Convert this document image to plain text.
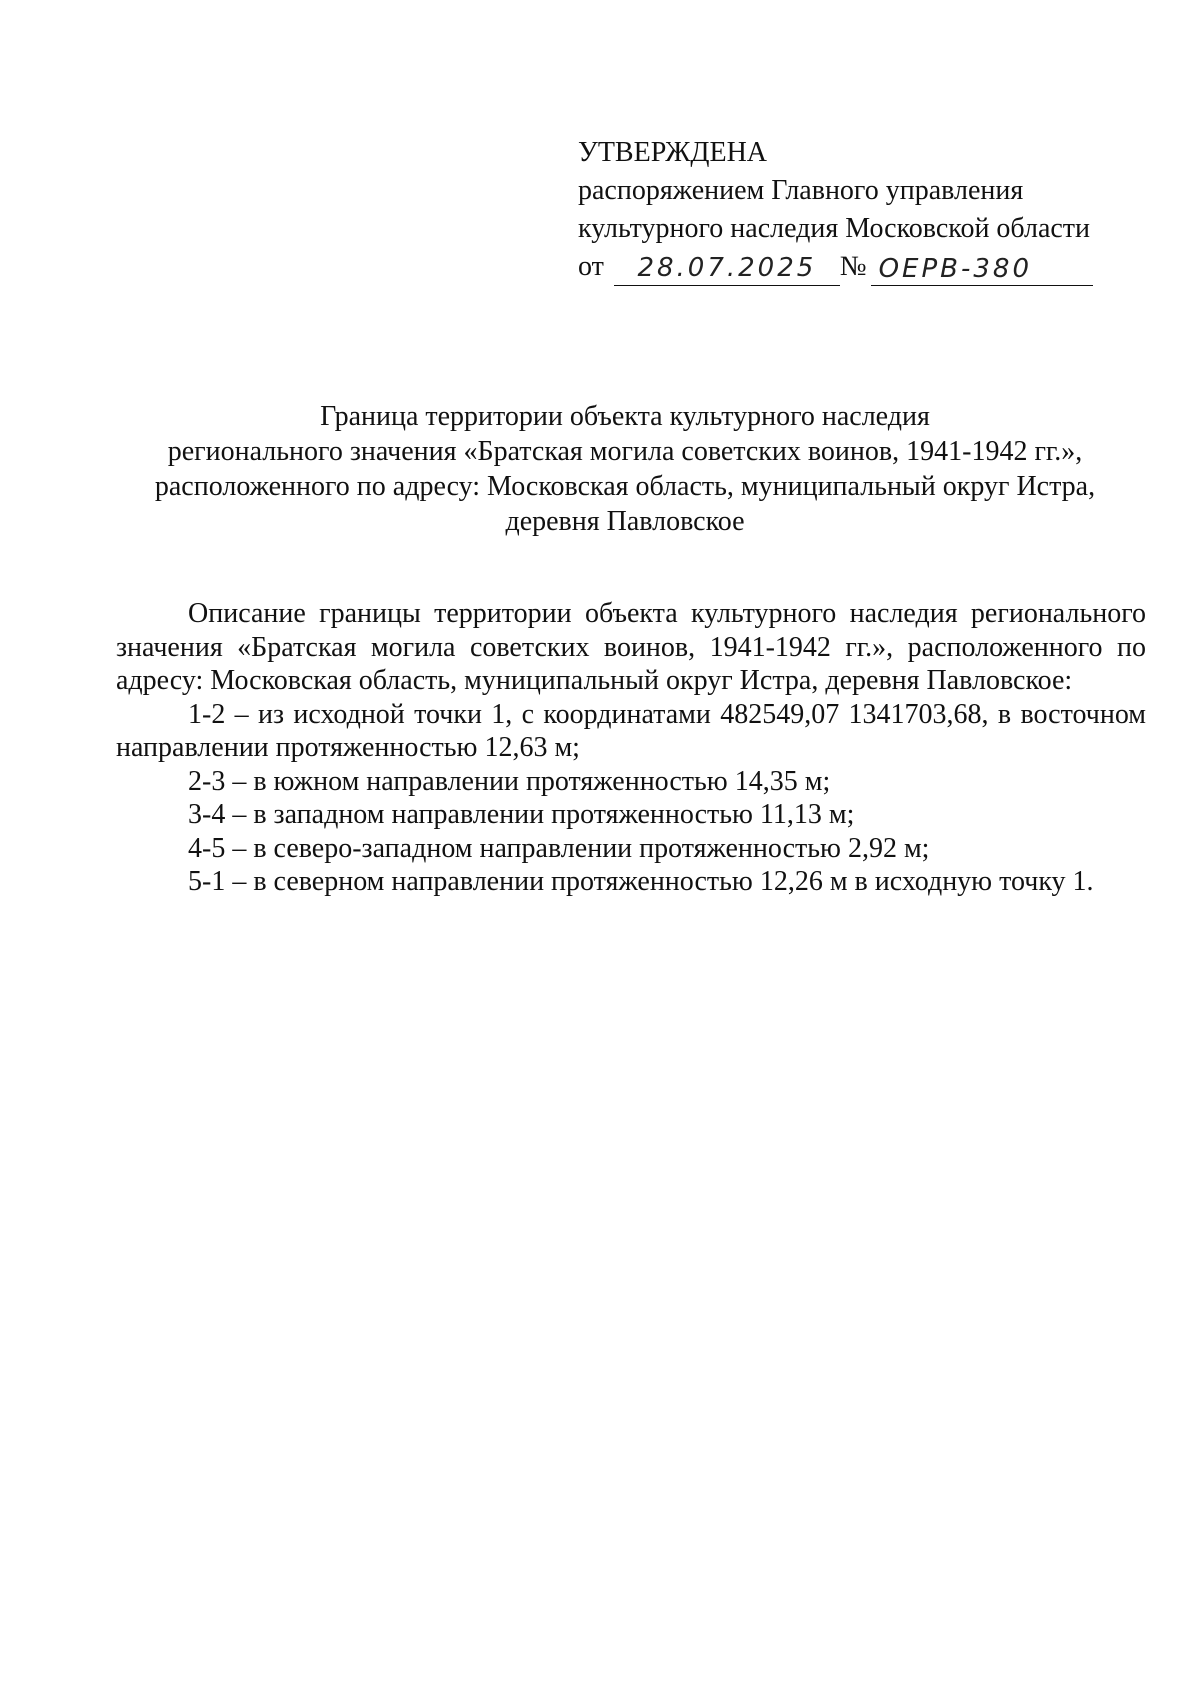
УТВЕРЖДЕНА
распоряжением Главного управления
культурного наследия Московской области
от	28.07.2025 № ОЕРВ-380
Граница территории объекта культурного наследия
регионального значения «Братская могила советских воинов, 1941-1942 гг.»,
расположенного по адресу: Московская область, муниципальный округ Истра,
деревня Павловское

Описание границы территории объекта культурного наследия регионального значения «Братская могила советских воинов, 1941-1942 гг.», расположенного по адресу: Московская область, муниципальный округ Истра, деревня Павловское:

1-2 – из исходной точки 1, с координатами 482549,07 1341703,68, в восточном направлении протяженностью 12,63 м;

2-3 – в южном направлении протяженностью 14,35 м;

3-4 – в западном направлении протяженностью 11,13 м;

4-5 – в северо-западном направлении протяженностью 2,92 м;

5-1 – в северном направлении протяженностью 12,26 м в исходную точку 1.
